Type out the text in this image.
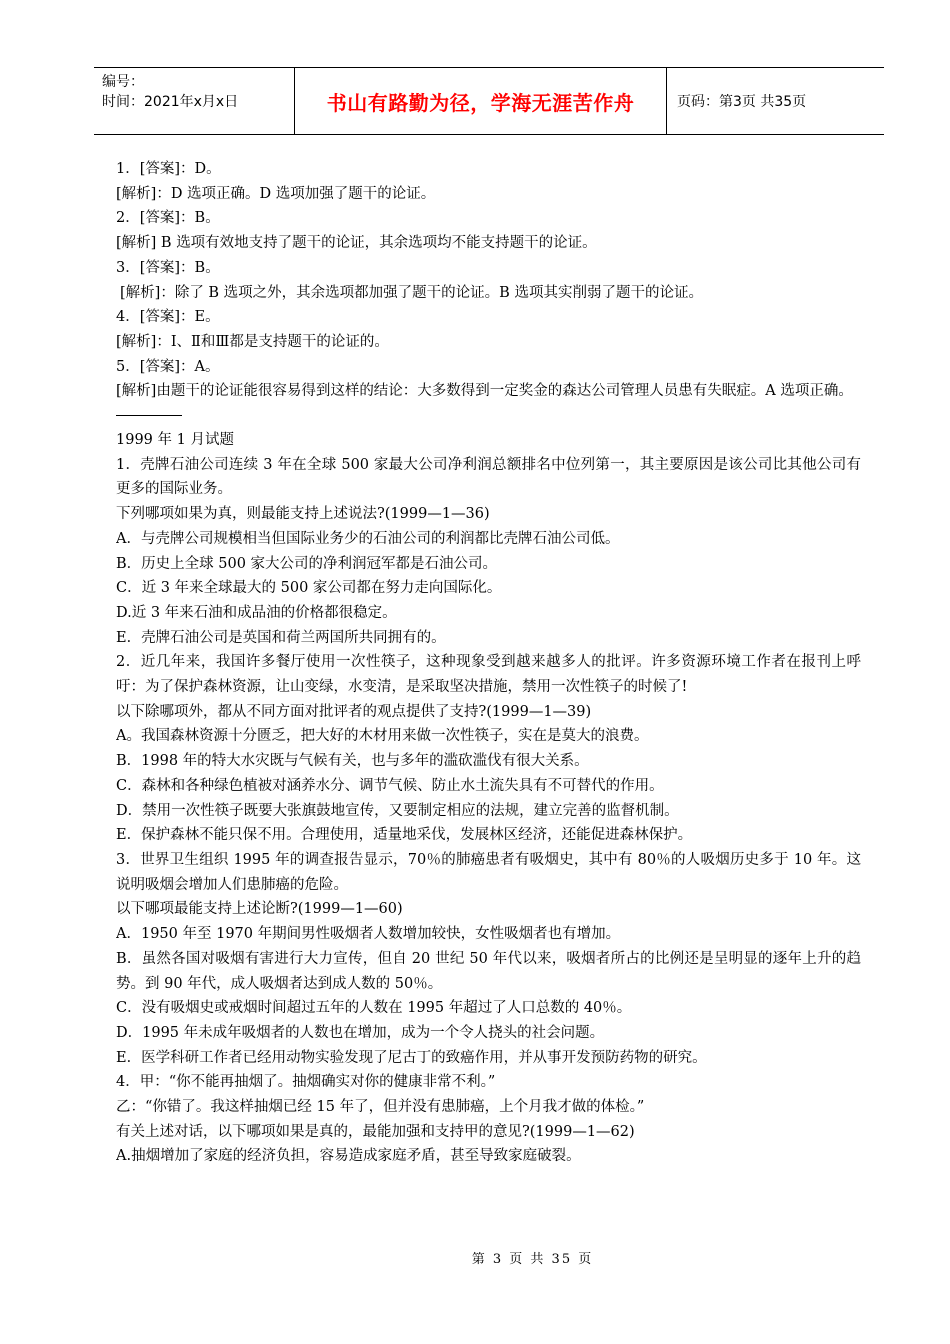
编号：
时间：2021年x月x日	书山有路勤为径，学海无涯苦作舟	页码：第3页 共35页
1．[答案]：D。
[解析]：D 选项正确。D 选项加强了题干的论证。
2．[答案]：B。
[解析] B 选项有效地支持了题干的论证，其余选项均不能支持题干的论证。
3．[答案]：B。
[解析]：除了 B 选项之外，其余选项都加强了题干的论证。B 选项其实削弱了题干的论证。
4．[答案]：E。
[解析]：I、Ⅱ和Ⅲ都是支持题干的论证的。
5．[答案]：A。
[解析]由题干的论证能很容易得到这样的结论：大多数得到一定奖金的森达公司管理人员患有失眠症。A 选项正确。
1999 年 1 月试题
1．壳牌石油公司连续 3 年在全球 500 家最大公司净利润总额排名中位列第一，其主要原因是该公司比其他公司有更多的国际业务。
下列哪项如果为真，则最能支持上述说法?(1999—1—36)
A．与壳牌公司规模相当但国际业务少的石油公司的利润都比壳牌石油公司低。
B．历史上全球 500 家大公司的净利润冠军都是石油公司。
C．近 3 年来全球最大的 500 家公司都在努力走向国际化。
D.近 3 年来石油和成品油的价格都很稳定。
E．壳牌石油公司是英国和荷兰两国所共同拥有的。
2．近几年来，我国许多餐厅使用一次性筷子，这种现象受到越来越多人的批评。许多资源环境工作者在报刊上呼吁：为了保护森林资源，让山变绿，水变清，是采取坚决措施，禁用一次性筷子的时候了!
以下除哪项外，都从不同方面对批评者的观点提供了支持?(1999—1—39)
A。我国森林资源十分匮乏，把大好的木材用来做一次性筷子，实在是莫大的浪费。
B．1998 年的特大水灾既与气候有关，也与多年的滥砍滥伐有很大关系。
C．森林和各种绿色植被对涵养水分、调节气候、防止水土流失具有不可替代的作用。
D．禁用一次性筷子既要大张旗鼓地宣传，又要制定相应的法规，建立完善的监督机制。
E．保护森林不能只保不用。合理使用，适量地采伐，发展林区经济，还能促进森林保护。
3．世界卫生组织 1995 年的调查报告显示，70％的肺癌患者有吸烟史，其中有 80％的人吸烟历史多于 10 年。这说明吸烟会增加人们患肺癌的危险。
以下哪项最能支持上述论断?(1999—1—60)
A．1950 年至 1970 年期间男性吸烟者人数增加较快，女性吸烟者也有增加。
B．虽然各国对吸烟有害进行大力宣传，但自 20 世纪 50 年代以来，吸烟者所占的比例还是呈明显的逐年上升的趋势。到 90 年代，成人吸烟者达到成人数的 50％。
C．没有吸烟史或戒烟时间超过五年的人数在 1995 年超过了人口总数的 40％。
D．1995 年未成年吸烟者的人数也在增加，成为一个令人挠头的社会问题。
E．医学科研工作者已经用动物实验发现了尼古丁的致癌作用，并从事开发预防药物的研究。
4．甲：“你不能再抽烟了。抽烟确实对你的健康非常不利。”
乙：“你错了。我这样抽烟已经 15 年了，但并没有患肺癌，上个月我才做的体检。”
有关上述对话，以下哪项如果是真的，最能加强和支持甲的意见?(1999—1—62)
A.抽烟增加了家庭的经济负担，容易造成家庭矛盾，甚至导致家庭破裂。
第 3 页 共 35 页
